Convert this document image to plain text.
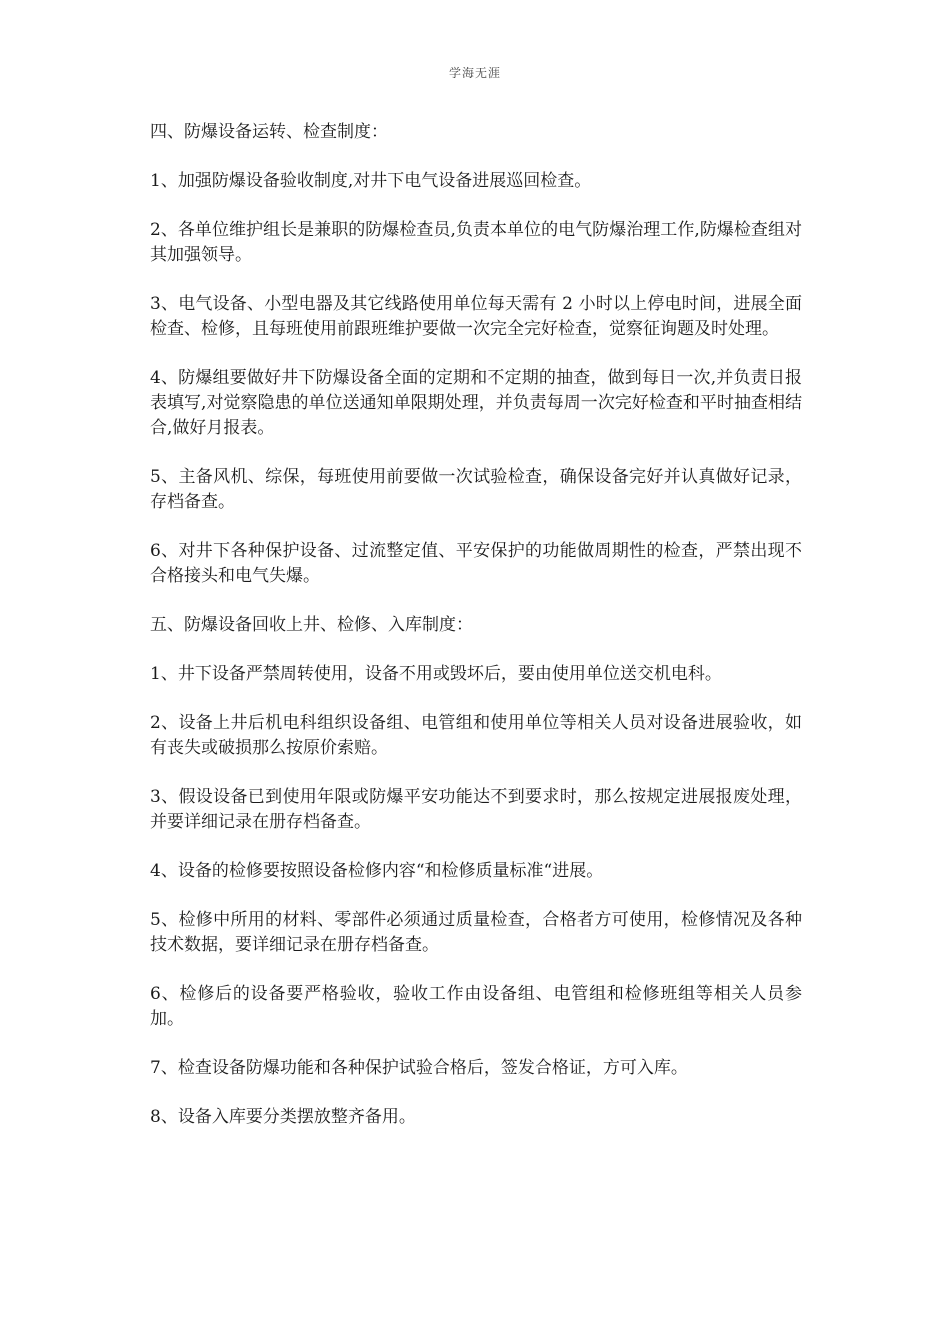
学海无涯

四、防爆设备运转、检查制度：

1、加强防爆设备验收制度,对井下电气设备进展巡回检查。

2、各单位维护组长是兼职的防爆检查员,负责本单位的电气防爆治理工作,防爆检查组对其加强领导。

3、电气设备、小型电器及其它线路使用单位每天需有 2 小时以上停电时间，进展全面检查、检修，且每班使用前跟班维护要做一次完全完好检查，觉察征询题及时处理。

4、防爆组要做好井下防爆设备全面的定期和不定期的抽查，做到每日一次,并负责日报表填写,对觉察隐患的单位送通知单限期处理，并负责每周一次完好检查和平时抽查相结合,做好月报表。

5、主备风机、综保，每班使用前要做一次试验检查，确保设备完好并认真做好记录，存档备查。

6、对井下各种保护设备、过流整定值、平安保护的功能做周期性的检查，严禁出现不合格接头和电气失爆。

五、防爆设备回收上井、检修、入库制度：

1、井下设备严禁周转使用，设备不用或毁坏后，要由使用单位送交机电科。

2、设备上井后机电科组织设备组、电管组和使用单位等相关人员对设备进展验收，如有丧失或破损那么按原价索赔。

3、假设设备已到使用年限或防爆平安功能达不到要求时，那么按规定进展报废处理，并要详细记录在册存档备查。

4、设备的检修要按照设备检修内容“和检修质量标准“进展。

5、检修中所用的材料、零部件必须通过质量检查，合格者方可使用，检修情况及各种技术数据，要详细记录在册存档备查。

6、检修后的设备要严格验收，验收工作由设备组、电管组和检修班组等相关人员参加。

7、检查设备防爆功能和各种保护试验合格后，签发合格证，方可入库。

8、设备入库要分类摆放整齐备用。
